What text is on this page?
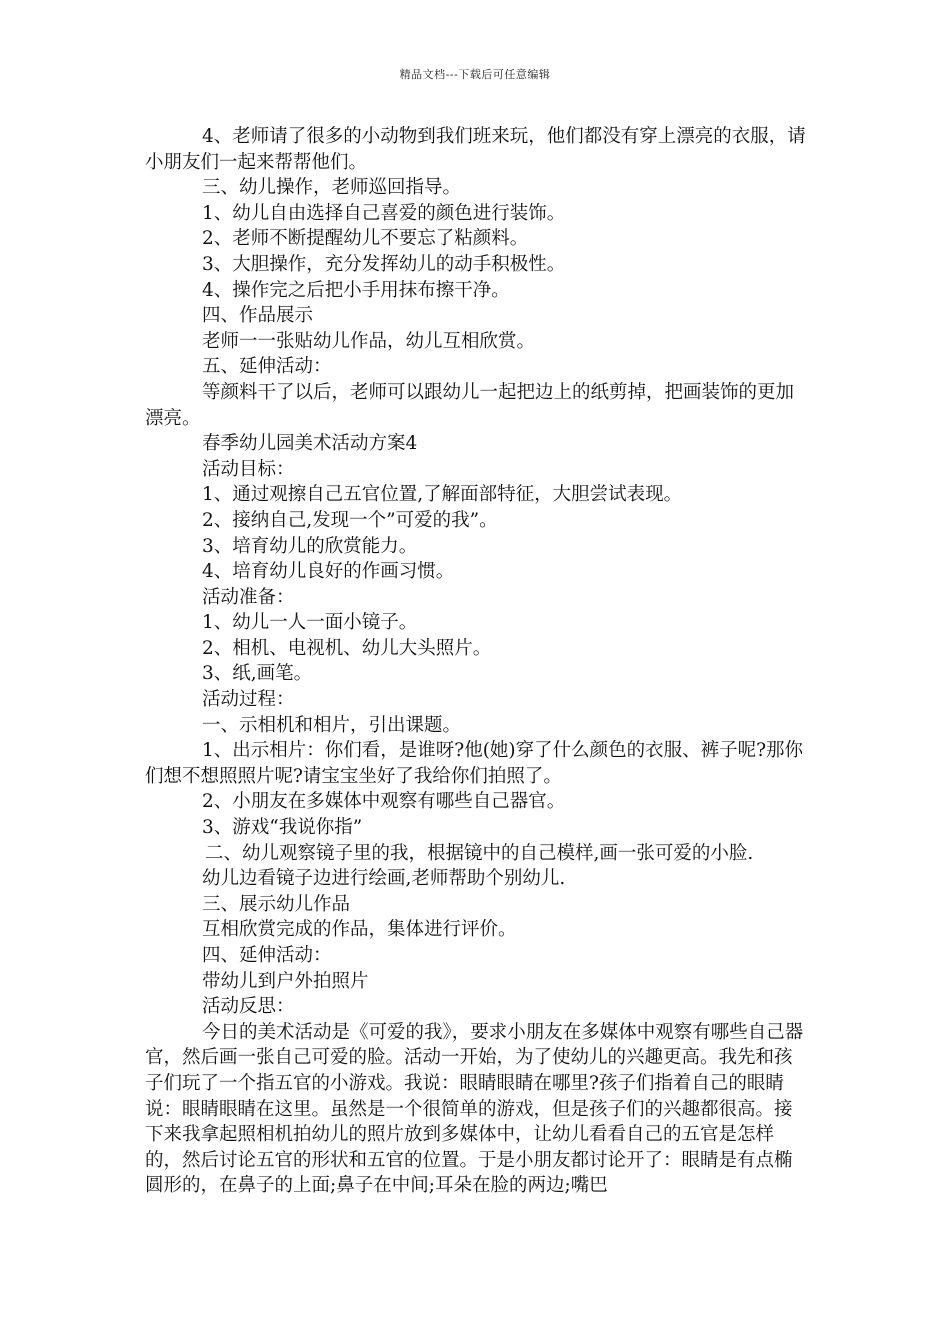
精品文档---下载后可任意编辑

4、老师请了很多的小动物到我们班来玩，他们都没有穿上漂亮的衣服，请小朋友们一起来帮帮他们。

三、幼儿操作，老师巡回指导。

1、幼儿自由选择自己喜爱的颜色进行装饰。

2、老师不断提醒幼儿不要忘了粘颜料。

3、大胆操作，充分发挥幼儿的动手积极性。

4、操作完之后把小手用抹布擦干净。

四、作品展示

老师一一张贴幼儿作品，幼儿互相欣赏。

五、延伸活动：

等颜料干了以后，老师可以跟幼儿一起把边上的纸剪掉，把画装饰的更加漂亮。

春季幼儿园美术活动方案4

活动目标：

1、通过观擦自己五官位置,了解面部特征，大胆尝试表现。

2、接纳自己,发现一个”可爱的我”。

3、培育幼儿的欣赏能力。

4、培育幼儿良好的作画习惯。

活动准备：

1、幼儿一人一面小镜子。

2、相机、电视机、幼儿大头照片。

3、纸,画笔。

活动过程：

一、示相机和相片，引出课题。

1、出示相片：你们看，是谁呀?他(她)穿了什么颜色的衣服、裤子呢?那你们想不想照照片呢?请宝宝坐好了我给你们拍照了。

2、小朋友在多媒体中观察有哪些自己器官。

3、游戏“我说你指”

二、幼儿观察镜子里的我，根据镜中的自己模样,画一张可爱的小脸.

幼儿边看镜子边进行绘画,老师帮助个别幼儿.

三、展示幼儿作品

互相欣赏完成的作品，集体进行评价。

四、延伸活动：

带幼儿到户外拍照片

活动反思：

今日的美术活动是《可爱的我》，要求小朋友在多媒体中观察有哪些自己器官，然后画一张自己可爱的脸。活动一开始，为了使幼儿的兴趣更高。我先和孩子们玩了一个指五官的小游戏。我说：眼睛眼睛在哪里?孩子们指着自己的眼睛说：眼睛眼睛在这里。虽然是一个很简单的游戏，但是孩子们的兴趣都很高。接下来我拿起照相机拍幼儿的照片放到多媒体中，让幼儿看看自己的五官是怎样的，然后讨论五官的形状和五官的位置。于是小朋友都讨论开了：眼睛是有点椭圆形的，在鼻子的上面;鼻子在中间;耳朵在脸的两边;嘴巴
